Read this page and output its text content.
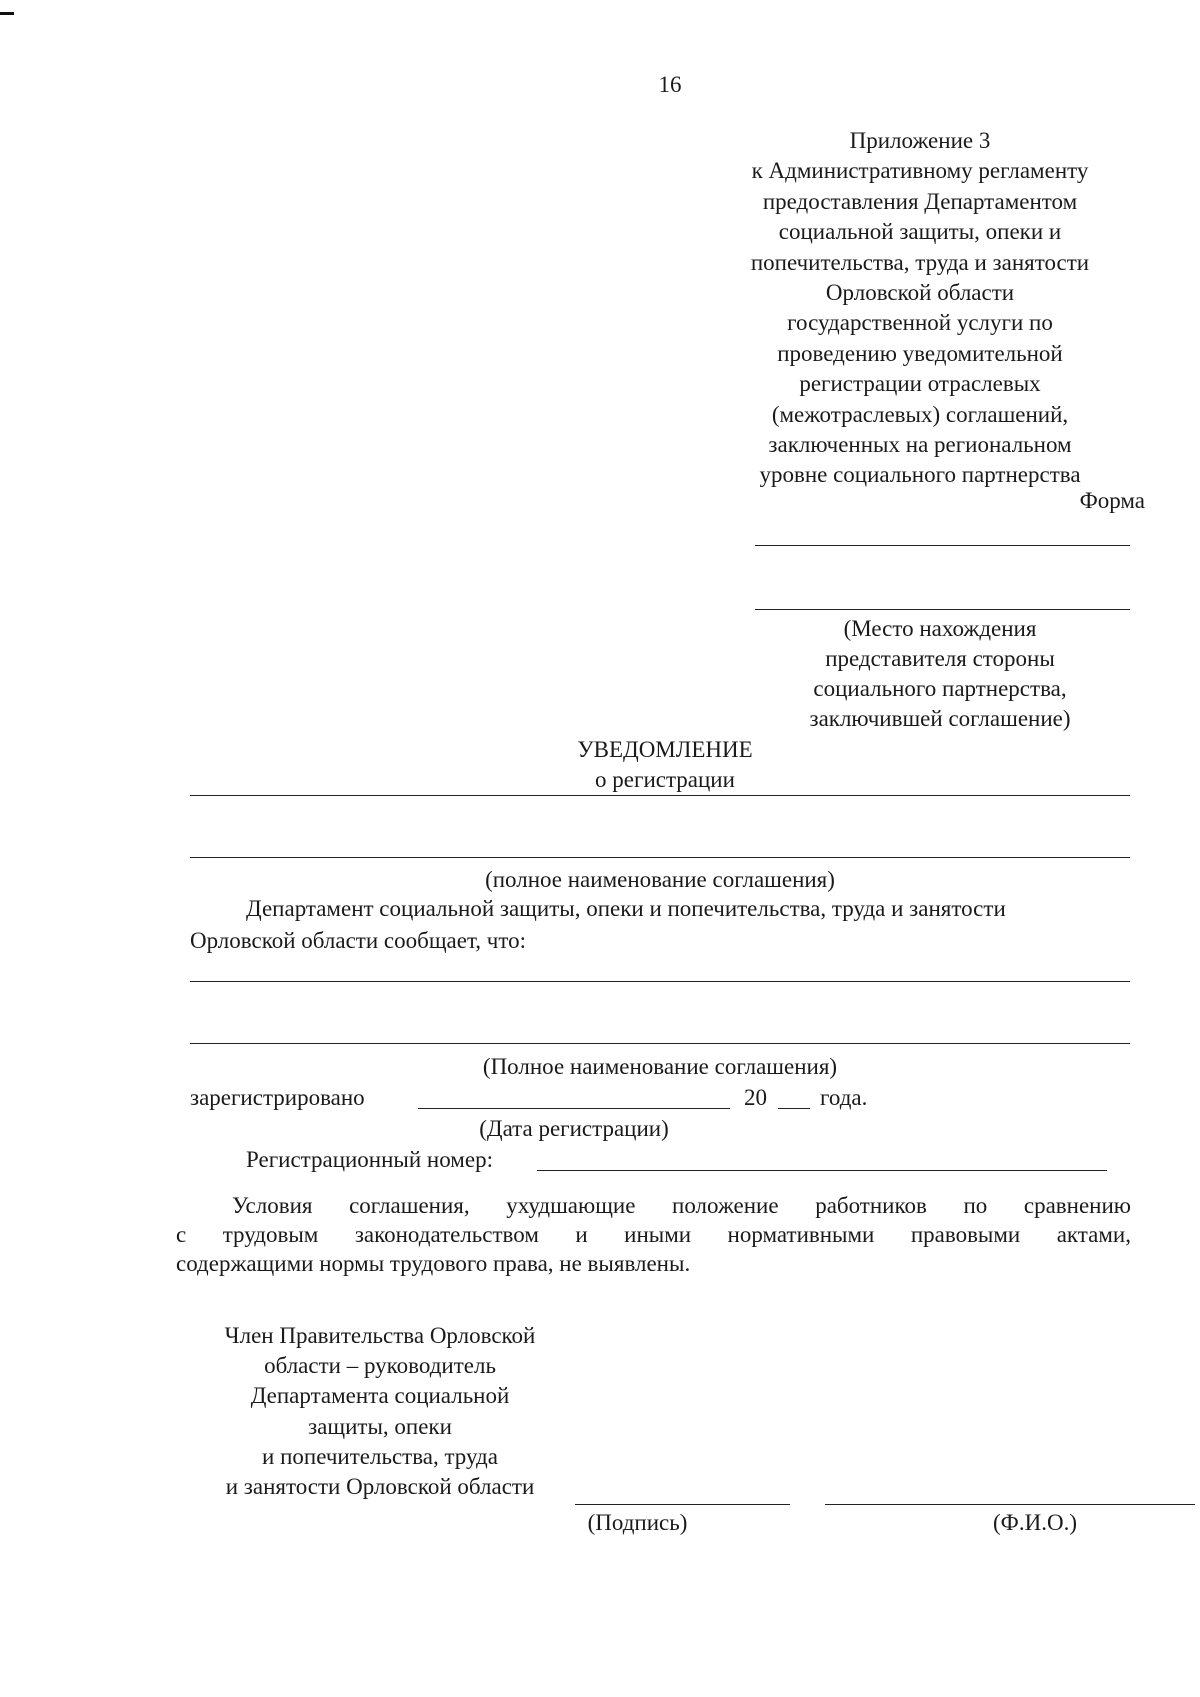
16
Приложение 3
к Административному регламенту
предоставления Департаментом
социальной защиты, опеки и
попечительства, труда и занятости
Орловской области
государственной услуги по
проведению уведомительной
регистрации отраслевых
(межотраслевых) соглашений,
заключенных на региональном
уровне социального партнерства
Форма
(Место нахождения
представителя стороны
социального партнерства,
заключившей соглашение)
УВЕДОМЛЕНИЕ
о регистрации
(полное наименование соглашения)
Департамент социальной защиты, опеки и попечительства, труда и занятости
Орловской области сообщает, что:
(Полное наименование соглашения)
зарегистрировано	20 года.
(Дата регистрации)
Регистрационный номер:
Условия соглашения, ухудшающие положение работников по сравнению
с трудовым законодательством и иными нормативными правовыми актами,
содержащими нормы трудового права, не выявлены.
Член Правительства Орловской
области – руководитель
Департамента социальной
защиты, опеки
и попечительства, труда
и занятости Орловской области
(Подпись)	(Ф.И.О.)
